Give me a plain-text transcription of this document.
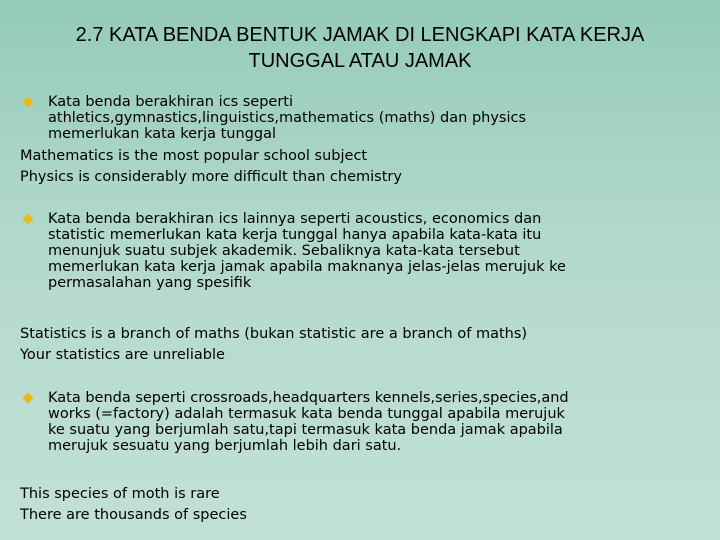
2.7 KATA BENDA BENTUK JAMAK DI LENGKAPI KATA KERJA
TUNGGAL ATAU JAMAK
Kata benda berakhiran ics seperti
athletics,gymnastics,linguistics,mathematics (maths) dan physics
memerlukan kata kerja tunggal
Mathematics is the most popular school subject
Physics is considerably more difficult than chemistry
Kata benda berakhiran ics lainnya seperti acoustics, economics dan
statistic memerlukan kata kerja tunggal hanya apabila kata-kata itu
menunjuk suatu subjek akademik. Sebaliknya kata-kata tersebut
memerlukan kata kerja jamak apabila maknanya jelas-jelas merujuk ke
permasalahan yang spesifik
Statistics is a branch of maths (bukan statistic are a branch of maths)
Your statistics are unreliable
Kata benda seperti crossroads,headquarters kennels,series,species,and
works (=factory) adalah termasuk kata benda tunggal apabila merujuk
ke suatu yang berjumlah satu,tapi termasuk kata benda jamak apabila
merujuk sesuatu yang berjumlah lebih dari satu.
This species of moth is rare
There are thousands of species
